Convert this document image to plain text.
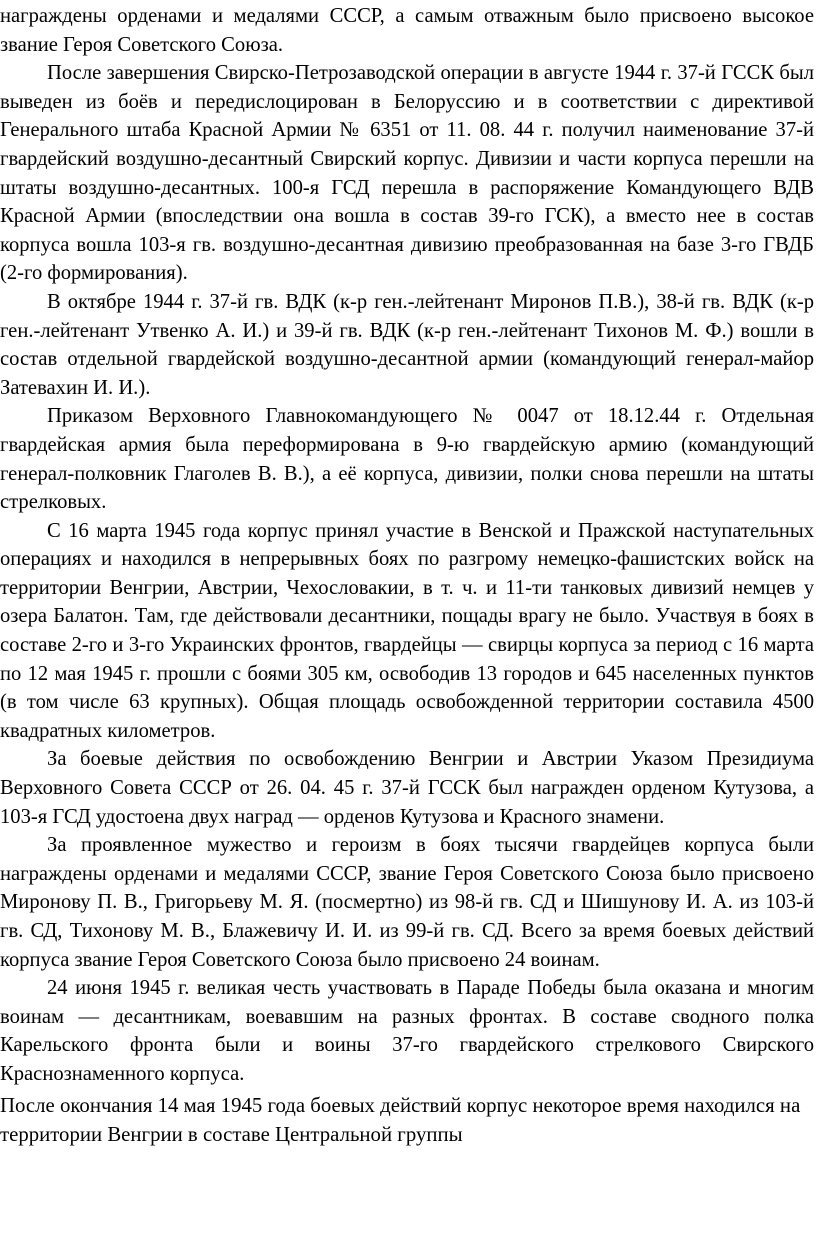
награждены орденами и медалями СССР, а самым отважным было присвоено высокое звание Героя Советского Союза.

После завершения Свирско-Петрозаводской операции в августе 1944 г. 37-й ГССК был выведен из боёв и передислоцирован в Белоруссию и в соответствии с директивой Генерального штаба Красной Армии № 6351 от 11. 08. 44 г. получил наименование 37-й гвардейский воздушно-десантный Свирский корпус. Дивизии и части корпуса перешли на штаты воздушно-десантных. 100-я ГСД перешла в распоряжение Командующего ВДВ Красной Армии (впоследствии она вошла в состав 39-го ГСК), а вместо нее в состав корпуса вошла 103-я гв. воздушно-десантная дивизию преобразованная на базе 3-го ГВДБ (2-го формирования).

В октябре 1944 г. 37-й гв. ВДК (к-р ген.-лейтенант Миронов П.В.), 38-й гв. ВДК (к-р ген.-лейтенант Утвенко А. И.) и 39-й гв. ВДК (к-р ген.-лейтенант Тихонов М. Ф.) вошли в состав отдельной гвардейской воздушно-десантной армии (командующий генерал-майор Затевахин И. И.).

Приказом Верховного Главнокомандующего № 0047 от 18.12.44 г. Отдельная гвардейская армия была переформирована в 9-ю гвардейскую армию (командующий генерал-полковник Глаголев В. В.), а её корпуса, дивизии, полки снова перешли на штаты стрелковых.

С 16 марта 1945 года корпус принял участие в Венской и Пражской наступательных операциях и находился в непрерывных боях по разгрому немецко-фашистских войск на территории Венгрии, Австрии, Чехословакии, в т. ч. и 11-ти танковых дивизий немцев у озера Балатон. Там, где действовали десантники, пощады врагу не было. Участвуя в боях в составе 2-го и 3-го Украинских фронтов, гвардейцы — свирцы корпуса за период с 16 марта по 12 мая 1945 г. прошли с боями 305 км, освободив 13 городов и 645 населенных пунктов (в том числе 63 крупных). Общая площадь освобожденной территории составила 4500 квадратных километров.

За боевые действия по освобождению Венгрии и Австрии Указом Президиума Верховного Совета СССР от 26. 04. 45 г. 37-й ГССК был награжден орденом Кутузова, а 103-я ГСД удостоена двух наград — орденов Кутузова и Красного знамени.

За проявленное мужество и героизм в боях тысячи гвардейцев корпуса были награждены орденами и медалями СССР, звание Героя Советского Союза было присвоено Миронову П. В., Григорьеву М. Я. (посмертно) из 98-й гв. СД и Шишунову И. А. из 103-й гв. СД, Тихонову М. В., Блажевичу И. И. из 99-й гв. СД. Всего за время боевых действий корпуса звание Героя Советского Союза было присвоено 24 воинам.

24 июня 1945 г. великая честь участвовать в Параде Победы была оказана и многим воинам — десантникам, воевавшим на разных фронтах. В составе сводного полка Карельского фронта были и воины 37-го гвардейского стрелкового Свирского Краснознаменного корпуса.

После окончания 14 мая 1945 года боевых действий корпус некоторое время находился на территории Венгрии в составе Центральной группы
